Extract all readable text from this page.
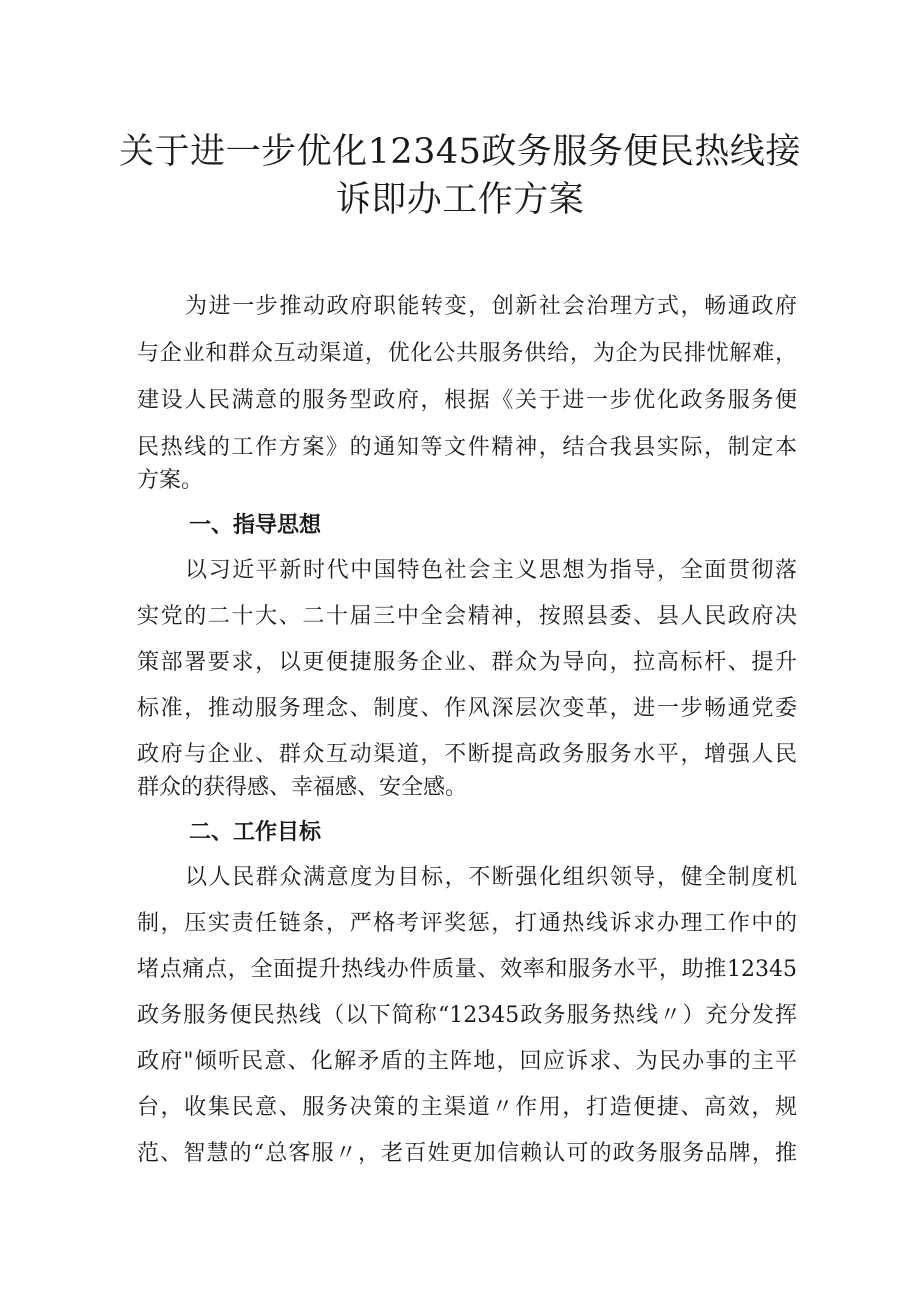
关于进一步优化12345政务服务便民热线接
诉即办工作方案
为进一步推动政府职能转变，创新社会治理方式，畅通政府
与企业和群众互动渠道，优化公共服务供给，为企为民排忧解难，
建设人民满意的服务型政府，根据《关于进一步优化政务服务便
民热线的工作方案》的通知等文件精神，结合我县实际，制定本
方案。
一、指导思想
以习近平新时代中国特色社会主义思想为指导，全面贯彻落
实党的二十大、二十届三中全会精神，按照县委、县人民政府决
策部署要求，以更便捷服务企业、群众为导向，拉高标杆、提升
标准，推动服务理念、制度、作风深层次变革，进一步畅通党委
政府与企业、群众互动渠道，不断提高政务服务水平，增强人民
群众的获得感、幸福感、安全感。
二、工作目标
以人民群众满意度为目标，不断强化组织领导，健全制度机
制，压实责任链条，严格考评奖惩，打通热线诉求办理工作中的
堵点痛点，全面提升热线办件质量、效率和服务水平，助推12345
政务服务便民热线（以下简称“12345政务服务热线〃）充分发挥
政府"倾听民意、化解矛盾的主阵地，回应诉求、为民办事的主平
台，收集民意、服务决策的主渠道〃作用，打造便捷、高效，规
范、智慧的“总客服〃，老百姓更加信赖认可的政务服务品牌，推
